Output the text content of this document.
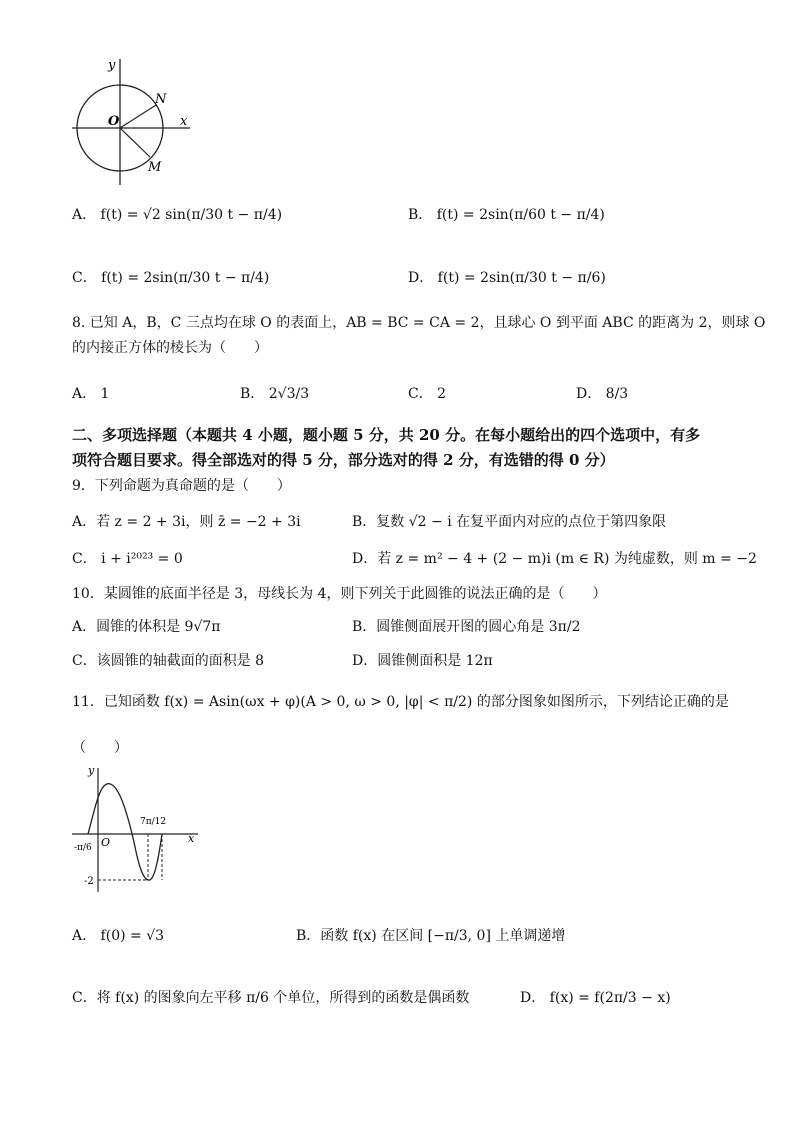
y
x
O
N
M
A． f(t) = √2 sin(π/30 t − π/4)	B． f(t) = 2sin(π/60 t − π/4)
C． f(t) = 2sin(π/30 t − π/4)	D． f(t) = 2sin(π/30 t − π/6)
8. 已知 A，B，C 三点均在球 O 的表面上，AB = BC = CA = 2，且球心 O 到平面 ABC 的距离为 2，则球 O
的内接正方体的棱长为（　　）
A． 1	B． 2√3/3	C． 2	D． 8/3
二、多项选择题（本题共 4 小题，题小题 5 分，共 20 分。在每小题给出的四个选项中，有多
项符合题目要求。得全部选对的得 5 分，部分选对的得 2 分，有选错的得 0 分）
9．下列命题为真命题的是（　　）
A．若 z = 2 + 3i，则 z̄ = −2 + 3i	B．复数 √2 − i 在复平面内对应的点位于第四象限
C． i + i²⁰²³ = 0	D．若 z = m² − 4 + (2 − m)i (m ∈ R) 为纯虚数，则 m = −2
10．某圆锥的底面半径是 3，母线长为 4，则下列关于此圆锥的说法正确的是（　　）
A．圆锥的体积是 9√7π	B．圆锥侧面展开图的圆心角是 3π/2
C．该圆锥的轴截面的面积是 8	D．圆锥侧面积是 12π
11．已知函数 f(x) = Asin(ωx + φ)(A > 0, ω > 0, |φ| < π/2) 的部分图象如图所示，下列结论正确的是
（　　）
y
x
O
-π/6
7π/12
-2
A． f(0) = √3	B．函数 f(x) 在区间 [−π/3, 0] 上单调递增
C．将 f(x) 的图象向左平移 π/6 个单位，所得到的函数是偶函数	D． f(x) = f(2π/3 − x)
